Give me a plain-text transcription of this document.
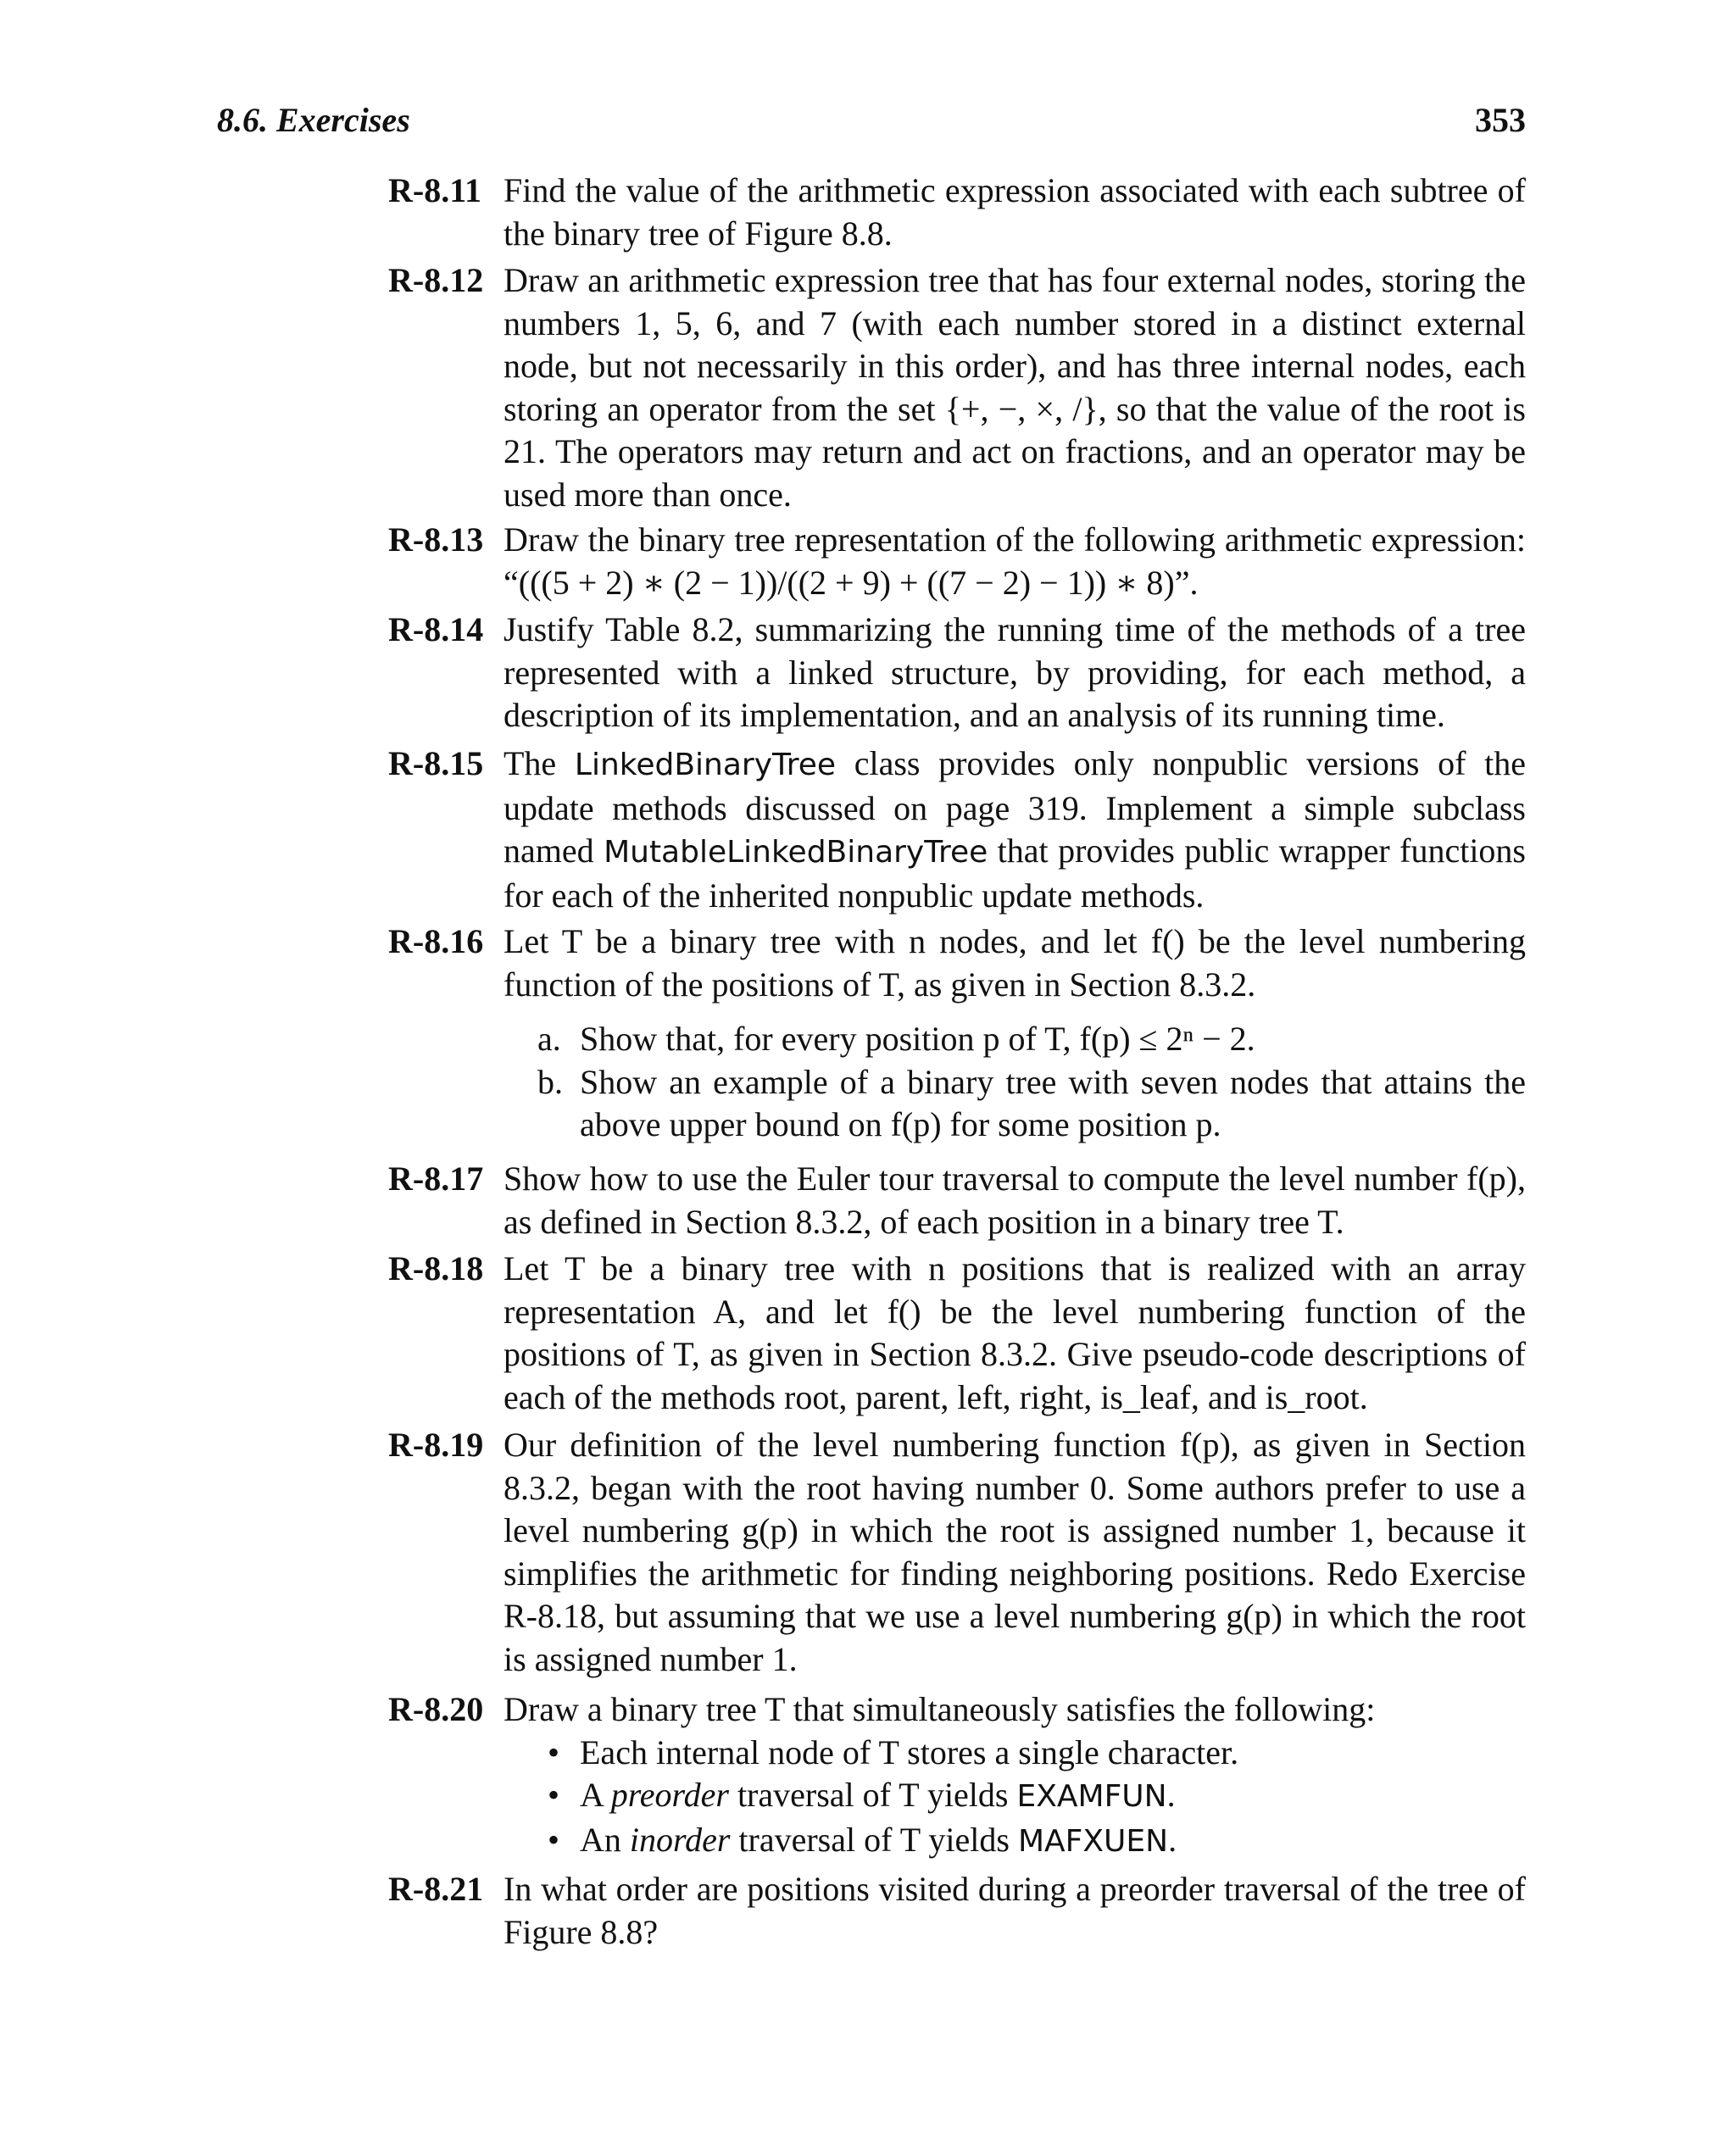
8.6. Exercises	353
R-8.11 Find the value of the arithmetic expression associated with each subtree of the binary tree of Figure 8.8.
R-8.12 Draw an arithmetic expression tree that has four external nodes, storing the numbers 1, 5, 6, and 7 (with each number stored in a distinct external node, but not necessarily in this order), and has three internal nodes, each storing an operator from the set {+, −, ×, /}, so that the value of the root is 21. The operators may return and act on fractions, and an operator may be used more than once.
R-8.13 Draw the binary tree representation of the following arithmetic expression: “(((5 + 2) ∗ (2 − 1))/((2 + 9) + ((7 − 2) − 1)) ∗ 8)”.
R-8.14 Justify Table 8.2, summarizing the running time of the methods of a tree represented with a linked structure, by providing, for each method, a description of its implementation, and an analysis of its running time.
R-8.15 The LinkedBinaryTree class provides only nonpublic versions of the update methods discussed on page 319. Implement a simple subclass named MutableLinkedBinaryTree that provides public wrapper functions for each of the inherited nonpublic update methods.
R-8.16 Let T be a binary tree with n nodes, and let f() be the level numbering function of the positions of T, as given in Section 8.3.2.
a. Show that, for every position p of T, f(p) ≤ 2ⁿ − 2.
b. Show an example of a binary tree with seven nodes that attains the above upper bound on f(p) for some position p.
R-8.17 Show how to use the Euler tour traversal to compute the level number f(p), as defined in Section 8.3.2, of each position in a binary tree T.
R-8.18 Let T be a binary tree with n positions that is realized with an array representation A, and let f() be the level numbering function of the positions of T, as given in Section 8.3.2. Give pseudo-code descriptions of each of the methods root, parent, left, right, is_leaf, and is_root.
R-8.19 Our definition of the level numbering function f(p), as given in Section 8.3.2, began with the root having number 0. Some authors prefer to use a level numbering g(p) in which the root is assigned number 1, because it simplifies the arithmetic for finding neighboring positions. Redo Exercise R-8.18, but assuming that we use a level numbering g(p) in which the root is assigned number 1.
R-8.20 Draw a binary tree T that simultaneously satisfies the following:
• Each internal node of T stores a single character.
• A preorder traversal of T yields EXAMFUN.
• An inorder traversal of T yields MAFXUEN.
R-8.21 In what order are positions visited during a preorder traversal of the tree of Figure 8.8?
